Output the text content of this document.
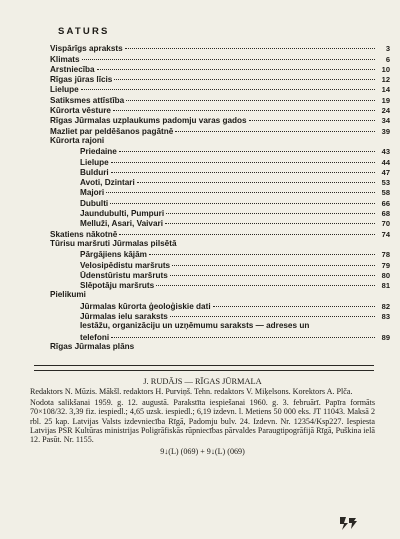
SATURS
Vispārīgs apraksts	3
Klimats	6
Arstniecība	10
Rīgas jūras līcis	12
Lielupe	14
Satiksmes attīstība	19
Kūrorta vēsture	24
Rīgas Jūrmalas uzplaukums padomju varas gados	34
Mazliet par peldēšanos pagātnē	39
Kūrorta rajoni
Priedaine	43
Lielupe	44
Bulduri	47
Avoti, Dzintari	53
Majori	58
Dubulti	66
Jaundubulti, Pumpuri	68
Melluži, Asari, Vaivari	70
Skatiens nākotnē	74
Tūrisu maršruti Jūrmalas pilsētā
Pārgājiens kājām	78
Velosipēdistu maršruts	79
Ūdenstūristu maršruts	80
Slēpotāju maršruts	81
Pielikumi
Jūrmalas kūrorta ģeoloģiskie dati	82
Jūrmalas ielu saraksts	83
Iestāžu, organizāciju un uzņēmumu saraksts — adreses un
telefoni	89
Rīgas Jūrmalas plāns
J. RUDĀJS — RĪGAS JŪRMALA
Redaktors N. Mūzis. Mākšl. redaktors H. Purviņš. Tehn. redaktors V. Miķelsons. Korektors A. Plča.
Nodota salikšanai 1959. g. 12. augustā. Parakstīta iespiešanai 1960. g. 3. februārī. Papīra formāts 70×108/32. 3,39 fiz. iespiedl.; 4,65 uzsk. iespiedl.; 6,19 izdevn. l. Metiens 50 000 eks. JT 11043. Maksā 2 rbl. 25 kap. Latvijas Valsts izdevniecība Rīgā, Padomju bulv. 24. Izdevn. Nr. 12354/Ksp227. Iespiesta Latvijas PSR Kultūras ministrijas Poligrāfiskās rūpniecības pārvaldes Paraugtipogrāfijā Rīgā, Puškina ielā 12. Pasūt. Nr. 1155.
9↓(L) (069) + 9↓(L) (069)
